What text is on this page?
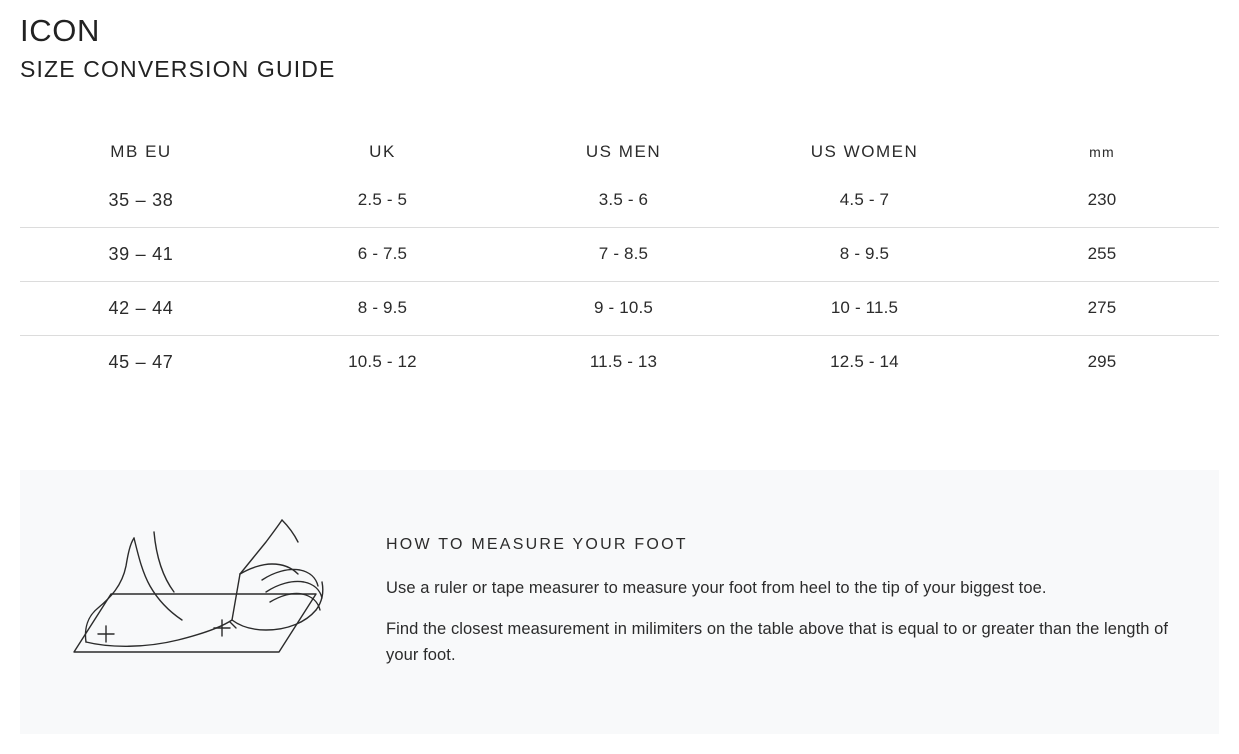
ICON
SIZE CONVERSION GUIDE
MB EU	UK	US MEN	US WOMEN	mm
35 – 38	2.5 - 5	3.5 - 6	4.5 - 7	230
39 – 41	6 - 7.5	7 - 8.5	8 - 9.5	255
42 – 44	8 - 9.5	9 - 10.5	10 - 11.5	275
45 – 47	10.5 - 12	11.5 - 13	12.5 - 14	295

HOW TO MEASURE YOUR FOOT

Use a ruler or tape measurer to measure your foot from heel to the tip of your biggest toe.

Find the closest measurement in milimiters on the table above that is equal to or greater than the length of your foot.
